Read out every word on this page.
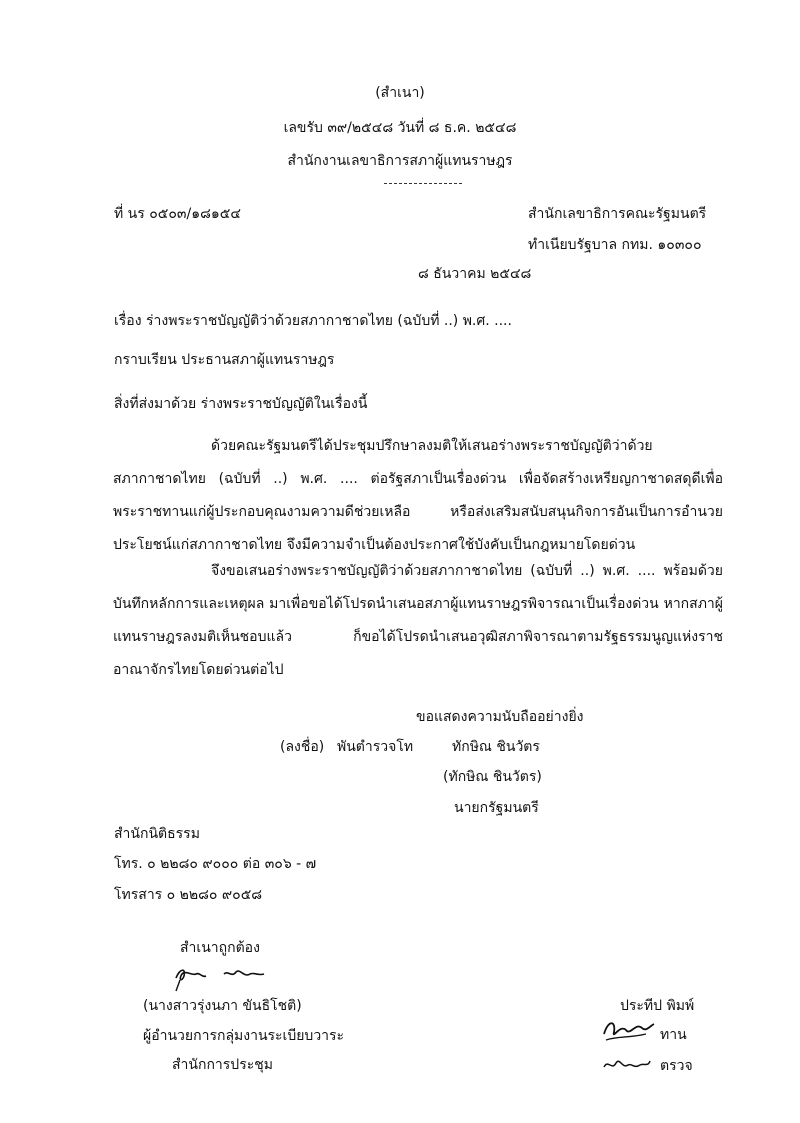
(สำเนา)
เลขรับ ๓๙/๒๕๔๘ วันที่ ๘ ธ.ค. ๒๕๔๘
สำนักงานเลขาธิการสภาผู้แทนราษฎร
ที่ นร ๐๕๐๓/๑๘๑๕๔	สำนักเลขาธิการคณะรัฐมนตรี
ทำเนียบรัฐบาล กทม. ๑๐๓๐๐
๘ ธันวาคม ๒๕๔๘
เรื่อง ร่างพระราชบัญญัติว่าด้วยสภากาชาดไทย (ฉบับที่ ..) พ.ศ. ....
กราบเรียน ประธานสภาผู้แทนราษฎร
สิ่งที่ส่งมาด้วย ร่างพระราชบัญญัติในเรื่องนี้
ด้วยคณะรัฐมนตรีได้ประชุมปรึกษาลงมติให้เสนอร่างพระราชบัญญัติว่าด้วยสภากาชาดไทย (ฉบับที่ ..) พ.ศ. .... ต่อรัฐสภาเป็นเรื่องด่วน เพื่อจัดสร้างเหรียญกาชาดสดุดีเพื่อพระราชทานแก่ผู้ประกอบคุณงามความดีช่วยเหลือ หรือส่งเสริมสนับสนุนกิจการอันเป็นการอำนวยประโยชน์แก่สภากาชาดไทย จึงมีความจำเป็นต้องประกาศใช้บังคับเป็นกฎหมายโดยด่วน
จึงขอเสนอร่างพระราชบัญญัติว่าด้วยสภากาชาดไทย (ฉบับที่ ..) พ.ศ. .... พร้อมด้วยบันทึกหลักการและเหตุผล มาเพื่อขอได้โปรดนำเสนอสภาผู้แทนราษฎรพิจารณาเป็นเรื่องด่วน หากสภาผู้แทนราษฎรลงมติเห็นชอบแล้ว ก็ขอได้โปรดนำเสนอวุฒิสภาพิจารณาตามรัฐธรรมนูญแห่งราชอาณาจักรไทยโดยด่วนต่อไป
ขอแสดงความนับถืออย่างยิ่ง
(ลงชื่อ) พันตำรวจโท	ทักษิณ ชินวัตร
(ทักษิณ ชินวัตร)
นายกรัฐมนตรี
สำนักนิติธรรม
โทร. ๐ ๒๒๘๐ ๙๐๐๐ ต่อ ๓๐๖ - ๗
โทรสาร ๐ ๒๒๘๐ ๙๐๕๘
สำเนาถูกต้อง
(นางสาวรุ่งนภา ขันธิโชติ)
ผู้อำนวยการกลุ่มงานระเบียบวาระ
สำนักการประชุม
ประทีป พิมพ์
ทาน
ตรวจ
